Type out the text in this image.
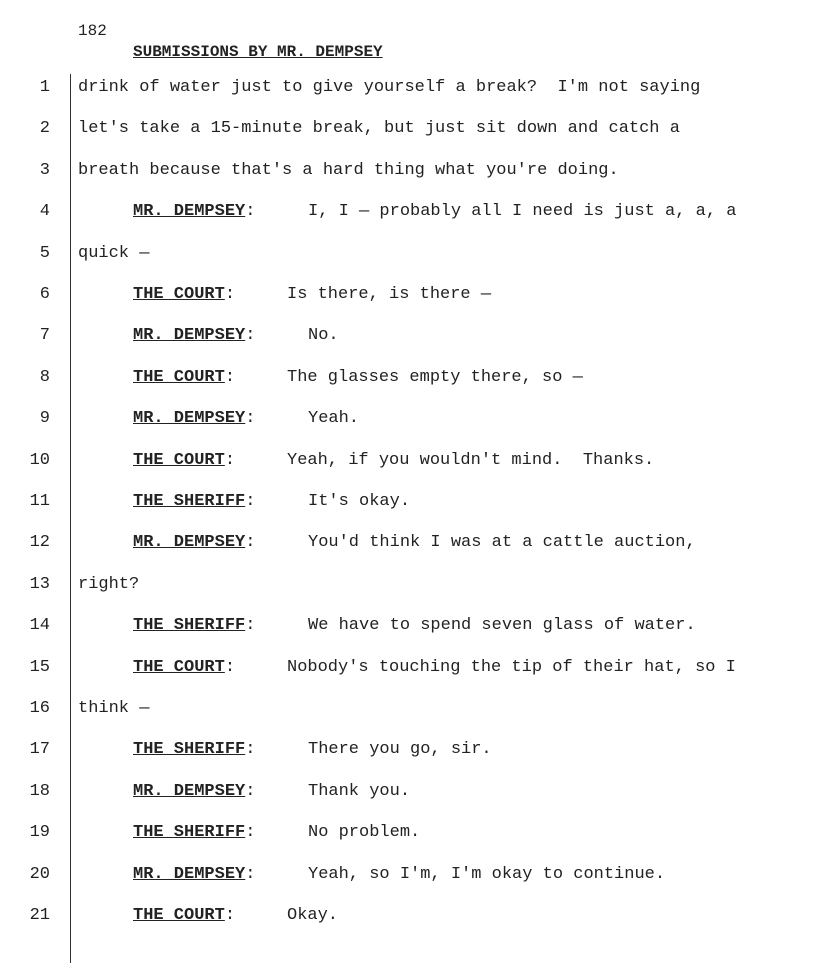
182
SUBMISSIONS BY MR. DEMPSEY
1 drink of water just to give yourself a break?  I'm not saying
2 let's take a 15-minute break, but just sit down and catch a
3 breath because that's a hard thing what you're doing.
4	MR. DEMPSEY:	I, I — probably all I need is just a, a, a
5 quick —
6	THE COURT:	Is there, is there —
7	MR. DEMPSEY:	No.
8	THE COURT:	The glasses empty there, so —
9	MR. DEMPSEY:	Yeah.
10	THE COURT:	Yeah, if you wouldn't mind.  Thanks.
11	THE SHERIFF:	It's okay.
12	MR. DEMPSEY:	You'd think I was at a cattle auction,
13 right?
14	THE SHERIFF:	We have to spend seven glass of water.
15	THE COURT:	Nobody's touching the tip of their hat, so I
16 think —
17	THE SHERIFF:	There you go, sir.
18	MR. DEMPSEY:	Thank you.
19	THE SHERIFF:	No problem.
20	MR. DEMPSEY:	Yeah, so I'm, I'm okay to continue.
21	THE COURT:	Okay.
